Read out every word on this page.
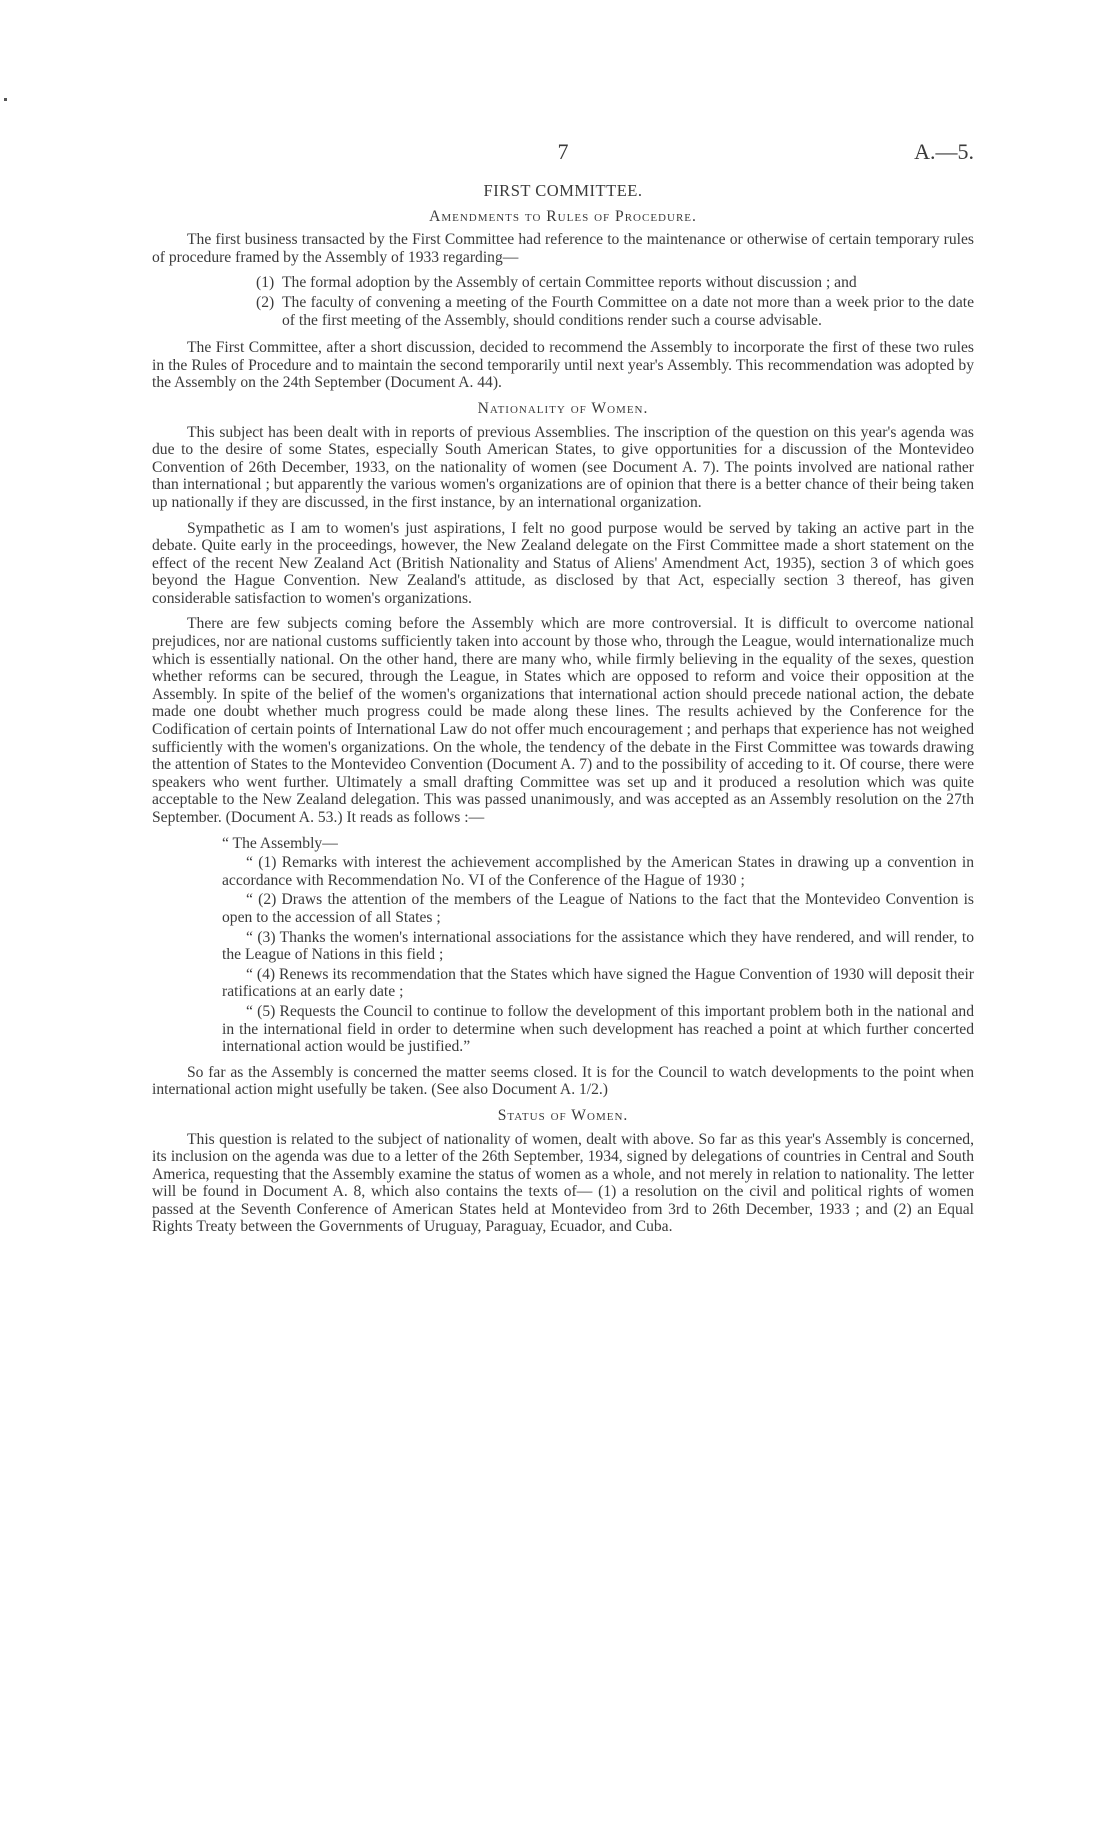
7	A.—5.
FIRST COMMITTEE.
Amendments to Rules of Procedure.

The first business transacted by the First Committee had reference to the maintenance or otherwise of certain temporary rules of procedure framed by the Assembly of 1933 regarding—

(1) The formal adoption by the Assembly of certain Committee reports without discussion ; and
(2) The faculty of convening a meeting of the Fourth Committee on a date not more than a week prior to the date of the first meeting of the Assembly, should conditions render such a course advisable.

The First Committee, after a short discussion, decided to recommend the Assembly to incorporate the first of these two rules in the Rules of Procedure and to maintain the second temporarily until next year's Assembly. This recommendation was adopted by the Assembly on the 24th September (Document A. 44).

Nationality of Women.

This subject has been dealt with in reports of previous Assemblies. The inscription of the question on this year's agenda was due to the desire of some States, especially South American States, to give opportunities for a discussion of the Montevideo Convention of 26th December, 1933, on the nationality of women (see Document A. 7). The points involved are national rather than international ; but apparently the various women's organizations are of opinion that there is a better chance of their being taken up nationally if they are discussed, in the first instance, by an international organization.

Sympathetic as I am to women's just aspirations, I felt no good purpose would be served by taking an active part in the debate. Quite early in the proceedings, however, the New Zealand delegate on the First Committee made a short statement on the effect of the recent New Zealand Act (British Nationality and Status of Aliens' Amendment Act, 1935), section 3 of which goes beyond the Hague Convention. New Zealand's attitude, as disclosed by that Act, especially section 3 thereof, has given considerable satisfaction to women's organizations.

There are few subjects coming before the Assembly which are more controversial. It is difficult to overcome national prejudices, nor are national customs sufficiently taken into account by those who, through the League, would internationalize much which is essentially national. On the other hand, there are many who, while firmly believing in the equality of the sexes, question whether reforms can be secured, through the League, in States which are opposed to reform and voice their opposition at the Assembly. In spite of the belief of the women's organizations that international action should precede national action, the debate made one doubt whether much progress could be made along these lines. The results achieved by the Conference for the Codification of certain points of International Law do not offer much encouragement ; and perhaps that experience has not weighed sufficiently with the women's organizations. On the whole, the tendency of the debate in the First Committee was towards drawing the attention of States to the Montevideo Convention (Document A. 7) and to the possibility of acceding to it. Of course, there were speakers who went further. Ultimately a small drafting Committee was set up and it produced a resolution which was quite acceptable to the New Zealand delegation. This was passed unanimously, and was accepted as an Assembly resolution on the 27th September. (Document A. 53.) It reads as follows :—

“ The Assembly—

“ (1) Remarks with interest the achievement accomplished by the American States in drawing up a convention in accordance with Recommendation No. VI of the Conference of the Hague of 1930 ;

“ (2) Draws the attention of the members of the League of Nations to the fact that the Montevideo Convention is open to the accession of all States ;

“ (3) Thanks the women's international associations for the assistance which they have rendered, and will render, to the League of Nations in this field ;

“ (4) Renews its recommendation that the States which have signed the Hague Convention of 1930 will deposit their ratifications at an early date ;

“ (5) Requests the Council to continue to follow the development of this important problem both in the national and in the international field in order to determine when such development has reached a point at which further concerted international action would be justified.”

So far as the Assembly is concerned the matter seems closed. It is for the Council to watch developments to the point when international action might usefully be taken. (See also Document A. 1/2.)

Status of Women.

This question is related to the subject of nationality of women, dealt with above. So far as this year's Assembly is concerned, its inclusion on the agenda was due to a letter of the 26th September, 1934, signed by delegations of countries in Central and South America, requesting that the Assembly examine the status of women as a whole, and not merely in relation to nationality. The letter will be found in Document A. 8, which also contains the texts of— (1) a resolution on the civil and political rights of women passed at the Seventh Conference of American States held at Montevideo from 3rd to 26th December, 1933 ; and (2) an Equal Rights Treaty between the Governments of Uruguay, Paraguay, Ecuador, and Cuba.
